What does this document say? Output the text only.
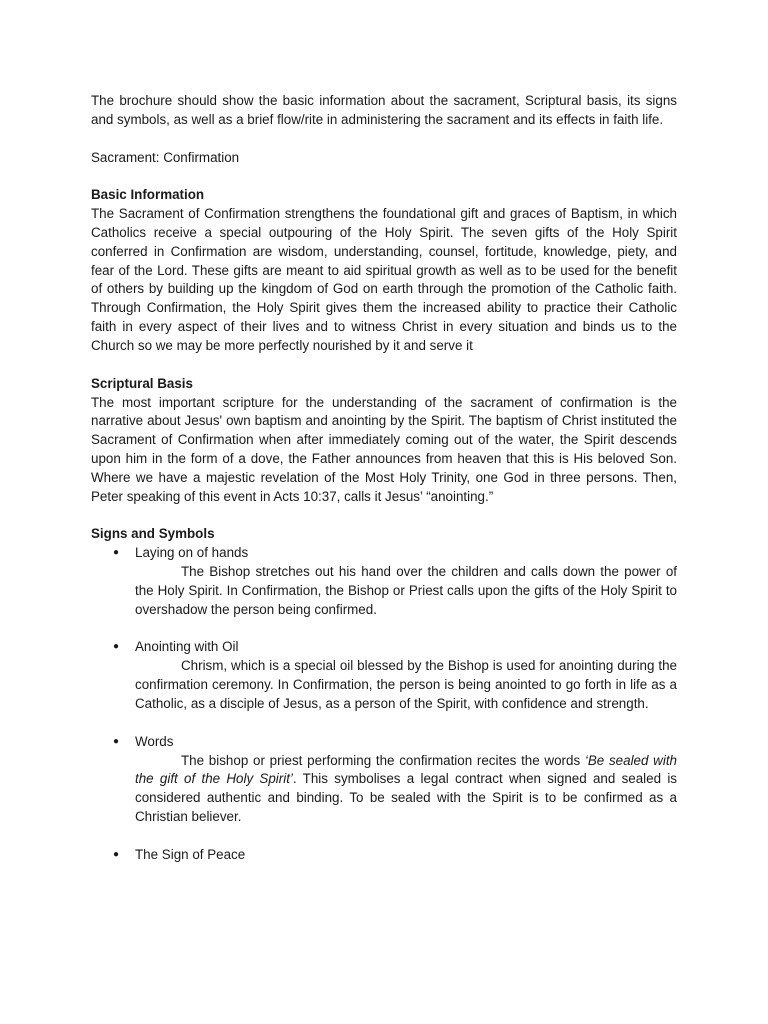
The brochure should show the basic information about the sacrament, Scriptural basis, its signs and symbols, as well as a brief flow/rite in administering the sacrament and its effects in faith life.

Sacrament: Confirmation

Basic Information

The Sacrament of Confirmation strengthens the foundational gift and graces of Baptism, in which Catholics receive a special outpouring of the Holy Spirit. The seven gifts of the Holy Spirit conferred in Confirmation are wisdom, understanding, counsel, fortitude, knowledge, piety, and fear of the Lord. These gifts are meant to aid spiritual growth as well as to be used for the benefit of others by building up the kingdom of God on earth through the promotion of the Catholic faith. Through Confirmation, the Holy Spirit gives them the increased ability to practice their Catholic faith in every aspect of their lives and to witness Christ in every situation and binds us to the Church so we may be more perfectly nourished by it and serve it

Scriptural Basis

The most important scripture for the understanding of the sacrament of confirmation is the narrative about Jesus' own baptism and anointing by the Spirit. The baptism of Christ instituted the Sacrament of Confirmation when after immediately coming out of the water, the Spirit descends upon him in the form of a dove, the Father announces from heaven that this is His beloved Son. Where we have a majestic revelation of the Most Holy Trinity, one God in three persons. Then, Peter speaking of this event in Acts 10:37, calls it Jesus’ “anointing.”

Signs and Symbols

● Laying on of hands
The Bishop stretches out his hand over the children and calls down the power of the Holy Spirit. In Confirmation, the Bishop or Priest calls upon the gifts of the Holy Spirit to overshadow the person being confirmed.
● Anointing with Oil
Chrism, which is a special oil blessed by the Bishop is used for anointing during the confirmation ceremony. In Confirmation, the person is being anointed to go forth in life as a Catholic, as a disciple of Jesus, as a person of the Spirit, with confidence and strength.
● Words
The bishop or priest performing the confirmation recites the words ‘Be sealed with the gift of the Holy Spirit’. This symbolises a legal contract when signed and sealed is considered authentic and binding. To be sealed with the Spirit is to be confirmed as a Christian believer.
● The Sign of Peace
